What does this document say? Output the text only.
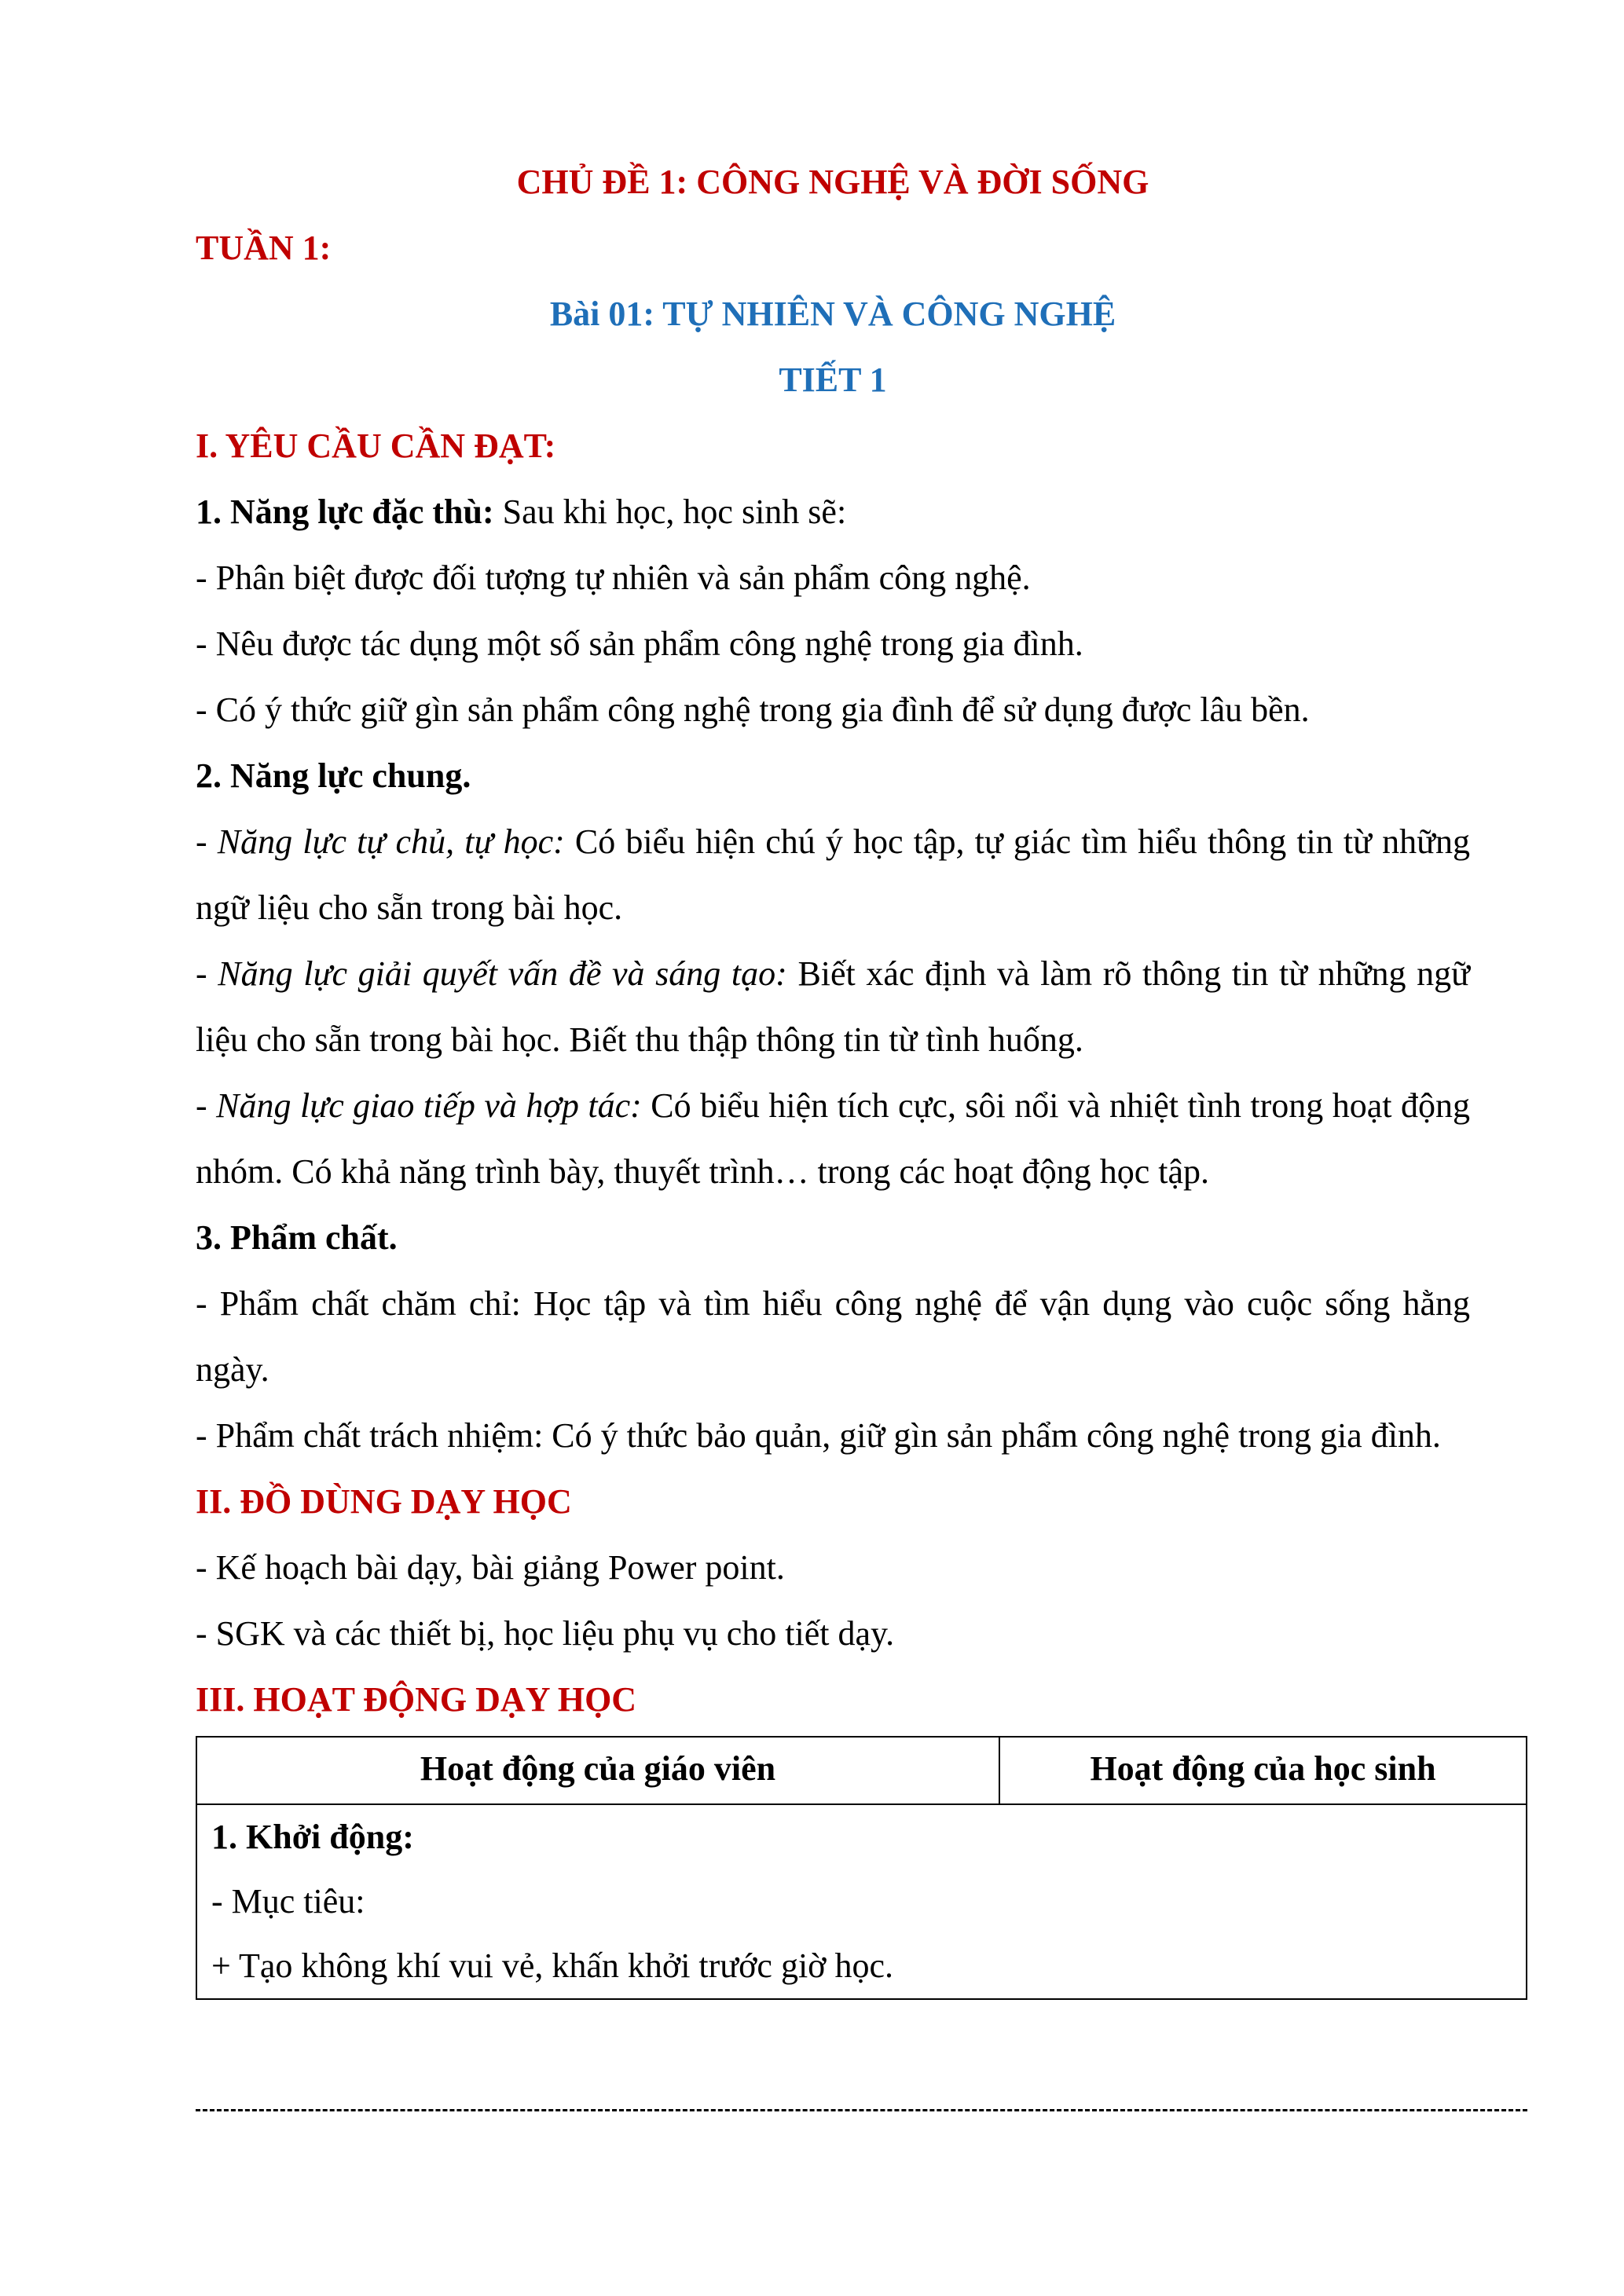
CHỦ ĐỀ 1: CÔNG NGHỆ VÀ ĐỜI SỐNG

TUẦN 1:

Bài 01: TỰ NHIÊN VÀ CÔNG NGHỆ

TIẾT 1

I. YÊU CẦU CẦN ĐẠT:

1. Năng lực đặc thù: Sau khi học, học sinh sẽ:

- Phân biệt được đối tượng tự nhiên và sản phẩm công nghệ.

- Nêu được tác dụng một số sản phẩm công nghệ trong gia đình.

- Có ý thức giữ gìn sản phẩm công nghệ trong gia đình để sử dụng được lâu bền.

2. Năng lực chung.

- Năng lực tự chủ, tự học: Có biểu hiện chú ý học tập, tự giác tìm hiểu thông tin từ những ngữ liệu cho sẵn trong bài học.

- Năng lực giải quyết vấn đề và sáng tạo: Biết xác định và làm rõ thông tin từ những ngữ liệu cho sẵn trong bài học. Biết thu thập thông tin từ tình huống.

- Năng lực giao tiếp và hợp tác: Có biểu hiện tích cực, sôi nổi và nhiệt tình trong hoạt động nhóm. Có khả năng trình bày, thuyết trình… trong các hoạt động học tập.

3. Phẩm chất.

- Phẩm chất chăm chỉ: Học tập và tìm hiểu công nghệ để vận dụng vào cuộc sống hằng ngày.

- Phẩm chất trách nhiệm: Có ý thức bảo quản, giữ gìn sản phẩm công nghệ trong gia đình.

II. ĐỒ DÙNG DẠY HỌC

- Kế hoạch bài dạy, bài giảng Power point.

- SGK và các thiết bị, học liệu phụ vụ cho tiết dạy.

III. HOẠT ĐỘNG DẠY HỌC

Hoạt động của giáo viên	Hoạt động của học sinh

1. Khởi động:
- Mục tiêu:
+ Tạo không khí vui vẻ, khấn khởi trước giờ học.
